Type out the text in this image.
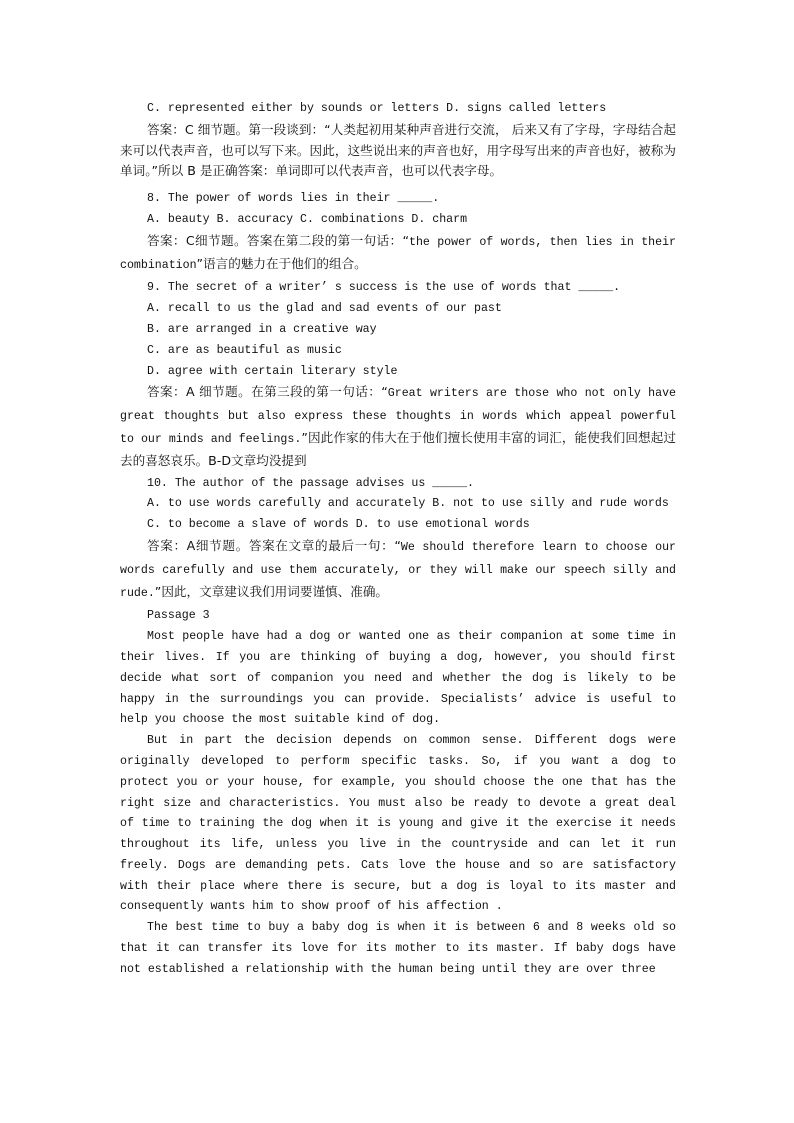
C. represented either by sounds or letters D. signs called letters

答案：C 细节题。第一段谈到：“人类起初用某种声音进行交流， 后来又有了字母，字母结合起来可以代表声音，也可以写下来。因此，这些说出来的声音也好，用字母写出来的声音也好，被称为单词。”所以 B 是正确答案：单词即可以代表声音，也可以代表字母。

8. The power of words lies in their _____.

A. beauty B. accuracy C. combinations D. charm

答案：C细节题。答案在第二段的第一句话：“the power of words, then lies in their combination”语言的魅力在于他们的组合。

9. The secret of a writer’ s success is the use of words that _____.

A. recall to us the glad and sad events of our past

B. are arranged in a creative way

C. are as beautiful as music

D. agree with certain literary style

答案：A 细节题。在第三段的第一句话：“Great writers are those who not only have great thoughts but also express these thoughts in words which appeal powerful to our minds and feelings.”因此作家的伟大在于他们擅长使用丰富的词汇，能使我们回想起过去的喜怒哀乐。B-D文章均没提到

10. The author of the passage advises us _____.

A. to use words carefully and accurately B. not to use silly and rude words

C. to become a slave of words D. to use emotional words

答案：A细节题。答案在文章的最后一句：“We should therefore learn to choose our words carefully and use them accurately, or they will make our speech silly and rude.”因此，文章建议我们用词要谨慎、准确。

Passage 3

Most people have had a dog or wanted one as their companion at some time in their lives. If you are thinking of buying a dog, however, you should first decide what sort of companion you need and whether the dog is likely to be happy in the surroundings you can provide. Specialists’ advice is useful to help you choose the most suitable kind of dog.

But in part the decision depends on common sense. Different dogs were originally developed to perform specific tasks. So, if you want a dog to protect you or your house, for example, you should choose the one that has the right size and characteristics. You must also be ready to devote a great deal of time to training the dog when it is young and give it the exercise it needs throughout its life, unless you live in the countryside and can let it run freely. Dogs are demanding pets. Cats love the house and so are satisfactory with their place where there is secure, but a dog is loyal to its master and consequently wants him to show proof of his affection .

The best time to buy a baby dog is when it is between 6 and 8 weeks old so that it can transfer its love for its mother to its master. If baby dogs have not established a relationship with the human being until they are over three
